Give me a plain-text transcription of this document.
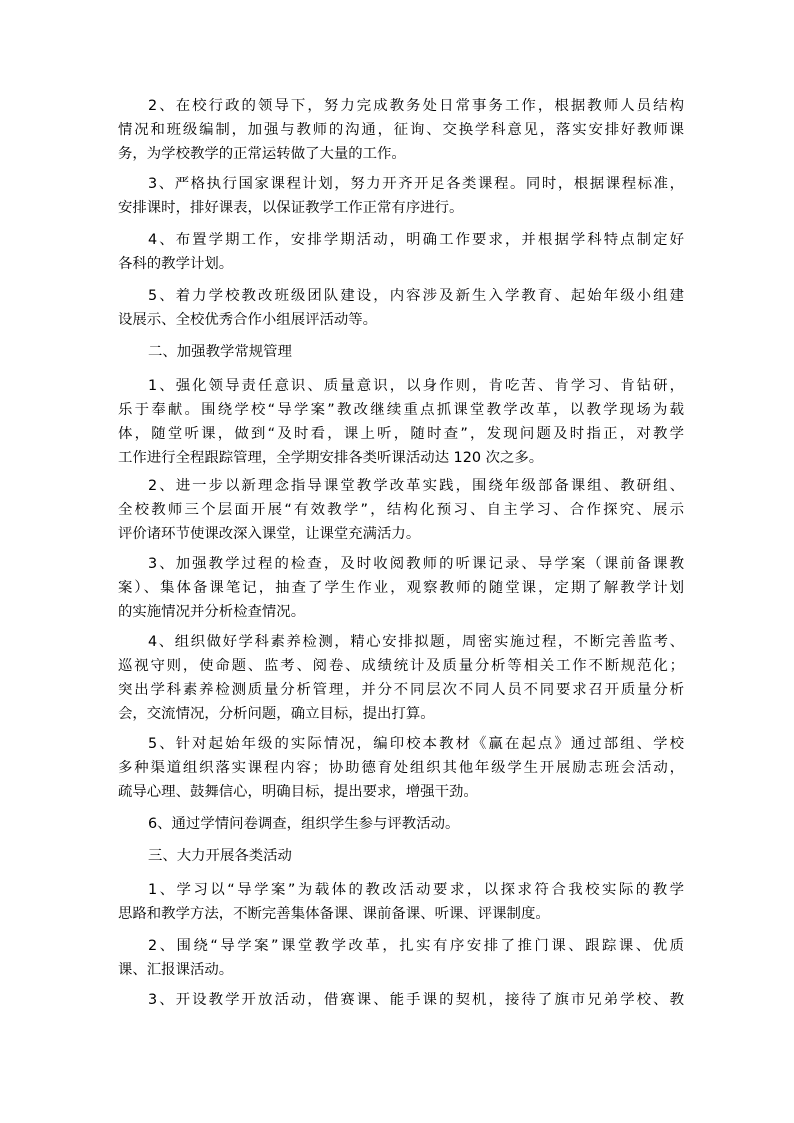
2、在校行政的领导下，努力完成教务处日常事务工作，根据教师人员结构
情况和班级编制，加强与教师的沟通，征询、交换学科意见，落实安排好教师课
务，为学校教学的正常运转做了大量的工作。
3、严格执行国家课程计划，努力开齐开足各类课程。同时，根据课程标准，
安排课时，排好课表，以保证教学工作正常有序进行。
4、布置学期工作，安排学期活动，明确工作要求，并根据学科特点制定好
各科的教学计划。
5、着力学校教改班级团队建设，内容涉及新生入学教育、起始年级小组建
设展示、全校优秀合作小组展评活动等。
二、加强教学常规管理
1、强化领导责任意识、质量意识，以身作则，肯吃苦、肯学习、肯钻研，
乐于奉献。围绕学校“导学案”教改继续重点抓课堂教学改革，以教学现场为载
体，随堂听课，做到“及时看，课上听，随时查”，发现问题及时指正，对教学
工作进行全程跟踪管理，全学期安排各类听课活动达 120 次之多。
2、进一步以新理念指导课堂教学改革实践，围绕年级部备课组、教研组、
全校教师三个层面开展“有效教学”，结构化预习、自主学习、合作探究、展示
评价诸环节使课改深入课堂，让课堂充满活力。
3、加强教学过程的检查，及时收阅教师的听课记录、导学案（课前备课教
案）、集体备课笔记，抽查了学生作业，观察教师的随堂课，定期了解教学计划
的实施情况并分析检查情况。
4、组织做好学科素养检测，精心安排拟题，周密实施过程，不断完善监考、
巡视守则，使命题、监考、阅卷、成绩统计及质量分析等相关工作不断规范化；
突出学科素养检测质量分析管理，并分不同层次不同人员不同要求召开质量分析
会，交流情况，分析问题，确立目标，提出打算。
5、针对起始年级的实际情况，编印校本教材《赢在起点》通过部组、学校
多种渠道组织落实课程内容；协助德育处组织其他年级学生开展励志班会活动，
疏导心理、鼓舞信心，明确目标，提出要求，增强干劲。
6、通过学情问卷调查，组织学生参与评教活动。
三、大力开展各类活动
1、学习以“导学案”为载体的教改活动要求，以探求符合我校实际的教学
思路和教学方法，不断完善集体备课、课前备课、听课、评课制度。
2、围绕“导学案”课堂教学改革，扎实有序安排了推门课、跟踪课、优质
课、汇报课活动。
3、开设教学开放活动，借赛课、能手课的契机，接待了旗市兄弟学校、教
